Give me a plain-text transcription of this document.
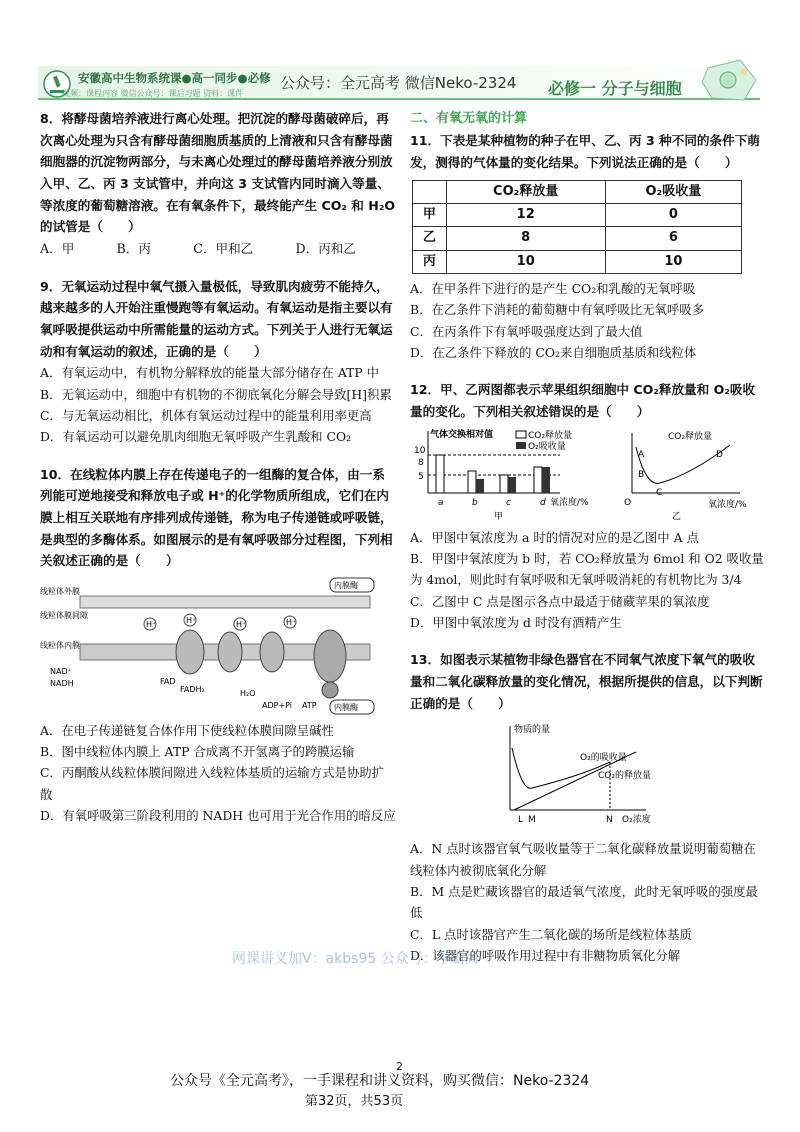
安徽高中生物系统课●高一同步●必修
视频：课程内容 微信公众号：课后习题 资料：课件
公众号：全元高考 微信Neko-2324 必修一 分子与细胞
8．将酵母菌培养液进行离心处理。把沉淀的酵母菌破碎后，再次离心处理为只含有酵母菌细胞质基质的上清液和只含有酵母菌细胞器的沉淀物两部分，与未离心处理过的酵母菌培养液分别放入甲、乙、丙 3 支试管中，并向这 3 支试管内同时滴入等量、等浓度的葡萄糖溶液。在有氧条件下，最终能产生 CO₂ 和 H₂O 的试管是（　　）
A．甲	B．丙	C．甲和乙	D．丙和乙
9．无氧运动过程中氧气摄入量极低，导致肌肉疲劳不能持久，越来越多的人开始注重慢跑等有氧运动。有氧运动是指主要以有氧呼吸提供运动中所需能量的运动方式。下列关于人进行无氧运动和有氧运动的叙述，正确的是（　　）
A．有氧运动中，有机物分解释放的能量大部分储存在 ATP 中
B．无氧运动中，细胞中有机物的不彻底氧化分解会导致[H]积累
C．与无氧运动相比，机体有氧运动过程中的能量利用率更高
D．有氧运动可以避免肌肉细胞无氧呼吸产生乳酸和 CO₂
10．在线粒体内膜上存在传递电子的一组酶的复合体，由一系列能可逆地接受和释放电子或 H⁺的化学物质所组成，它们在内膜上相互关联地有序排列成传递链，称为电子传递链或呼吸链，是典型的多酶体系。如图展示的是有氧呼吸部分过程图，下列相关叙述正确的是（　　）
H⁺	H⁺	H⁺	H⁺
线粒体外膜
线粒体膜间隙
线粒体内膜
NAD⁺
NADH	FAD
FADH₂	H₂O
ADP+Pi ATP
内膜酶
内膜酶
A．在电子传递链复合体作用下使线粒体膜间隙呈碱性
B．图中线粒体内膜上 ATP 合成离不开氢离子的跨膜运输
C．丙酮酸从线粒体膜间隙进入线粒体基质的运输方式是协助扩散
D．有氧呼吸第三阶段利用的 NADH 也可用于光合作用的暗反应
二、有氧无氧的计算
11．下表是某种植物的种子在甲、乙、丙 3 种不同的条件下萌发，测得的气体量的变化结果。下列说法正确的是（　　）
	CO₂释放量	O₂吸收量
甲	12	0
乙	8	6
丙	10	10
A．在甲条件下进行的是产生 CO₂和乳酸的无氧呼吸
B．在乙条件下消耗的葡萄糖中有氧呼吸比无氧呼吸多
C．在丙条件下有氧呼吸强度达到了最大值
D．在乙条件下释放的 CO₂来自细胞质基质和线粒体
12．甲、乙两图都表示苹果组织细胞中 CO₂释放量和 O₂吸收量的变化。下列相关叙述错误的是（　　）
气体交换相对值
10
8
5
CO₂释放量
O₂吸收量
a	b	c	d 氧浓度/%
甲
CO₂释放量
A
B
C
D
O	氧浓度/%
乙
A．甲图中氧浓度为 a 时的情况对应的是乙图中 A 点
B．甲图中氧浓度为 b 时，若 CO₂释放量为 6mol 和 O2 吸收量为 4mol，则此时有氧呼吸和无氧呼吸消耗的有机物比为 3/4
C．乙图中 C 点是图示各点中最适于储藏苹果的氧浓度
D．甲图中氧浓度为 d 时没有酒精产生
13．如图表示某植物非绿色器官在不同氧气浓度下氧气的吸收量和二氧化碳释放量的变化情况，根据所提供的信息，以下判断正确的是（　　）
物质的量
O₂的吸收量
CO₂的释放量
L M	N O₂浓度
A．N 点时该器官氧气吸收量等于二氧化碳释放量说明葡萄糖在线粒体内被彻底氧化分解
B．M 点是贮藏该器官的最适氧气浓度，此时无氧呼吸的强度最低
C．L 点时该器官产生二氧化碳的场所是线粒体基质
D．该器官的呼吸作用过程中有非糖物质氧化分解
网课讲义加V：akbs95 公众号：学霸阁
2
公众号《全元高考》，一手课程和讲义资料，购买微信：Neko-2324
第32页，共53页
